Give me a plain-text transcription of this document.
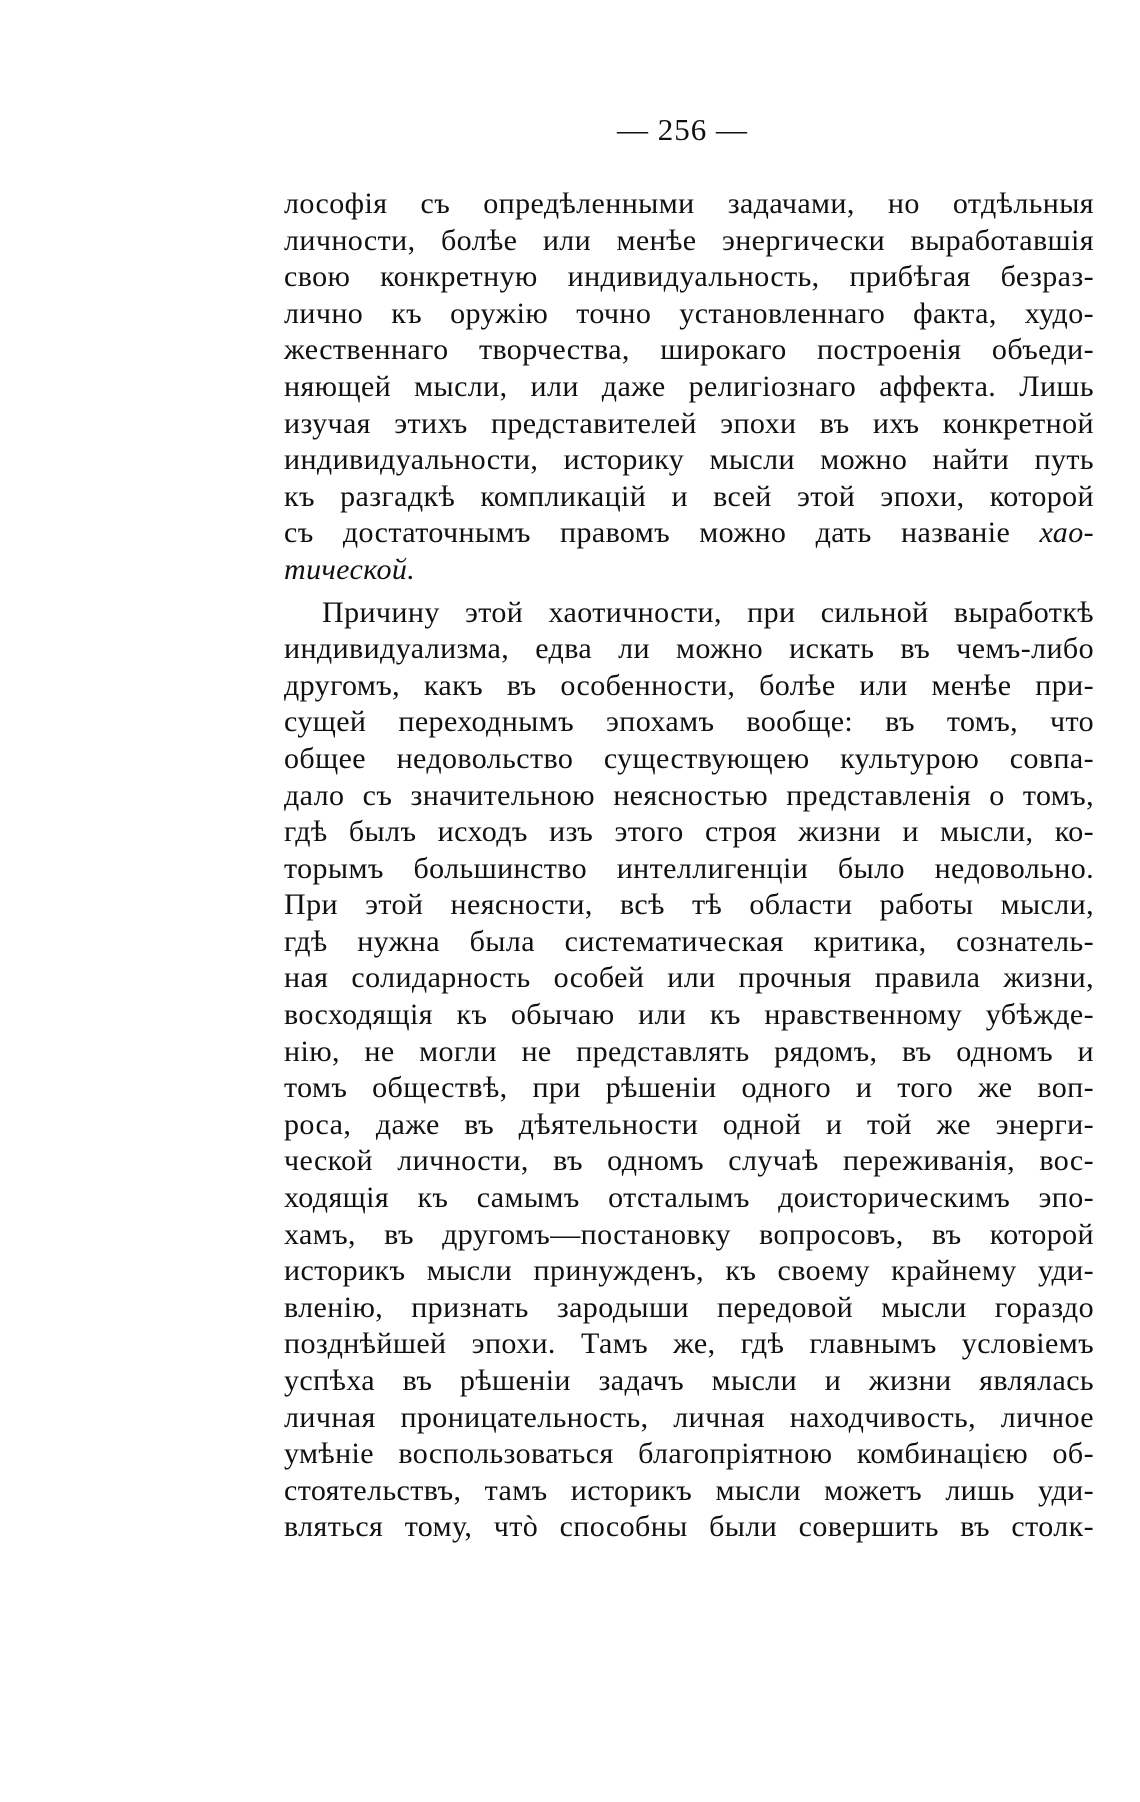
— 256 —
лософія съ опредѣленными задачами, но отдѣльныя
личности, болѣе или менѣе энергически выработавшія
свою конкретную индивидуальность, прибѣгая безраз-
лично къ оружію точно установленнаго факта, худо-
жественнаго творчества, широкаго построенія объеди-
няющей мысли, или даже религіознаго аффекта. Лишь
изучая этихъ представителей эпохи въ ихъ конкретной
индивидуальности, историку мысли можно найти путь
къ разгадкѣ компликацій и всей этой эпохи, которой
съ достаточнымъ правомъ можно дать названіе хао-
тической.
Причину этой хаотичности, при сильной выработкѣ
индивидуализма, едва ли можно искать въ чемъ-либо
другомъ, какъ въ особенности, болѣе или менѣе при-
сущей переходнымъ эпохамъ вообще: въ томъ, что
общее недовольство существующею культурою совпа-
дало съ значительною неясностью представленія о томъ,
гдѣ былъ исходъ изъ этого строя жизни и мысли, ко-
торымъ большинство интеллигенціи было недовольно.
При этой неясности, всѣ тѣ области работы мысли,
гдѣ нужна была систематическая критика, сознатель-
ная солидарность особей или прочныя правила жизни,
восходящія къ обычаю или къ нравственному убѣжде-
нію, не могли не представлять рядомъ, въ одномъ и
томъ обществѣ, при рѣшеніи одного и того же воп-
роса, даже въ дѣятельности одной и той же энерги-
ческой личности, въ одномъ случаѣ переживанія, вос-
ходящія къ самымъ отсталымъ доисторическимъ эпо-
хамъ, въ другомъ—постановку вопросовъ, въ которой
историкъ мысли принужденъ, къ своему крайнему уди-
вленію, признать зародыши передовой мысли гораздо
позднѣйшей эпохи. Тамъ же, гдѣ главнымъ условіемъ
успѣха въ рѣшеніи задачъ мысли и жизни являлась
личная проницательность, личная находчивость, личное
умѣніе воспользоваться благопріятною комбинацією об-
стоятельствъ, тамъ историкъ мысли можетъ лишь уди-
вляться тому, чтò способны были совершить въ столк-
